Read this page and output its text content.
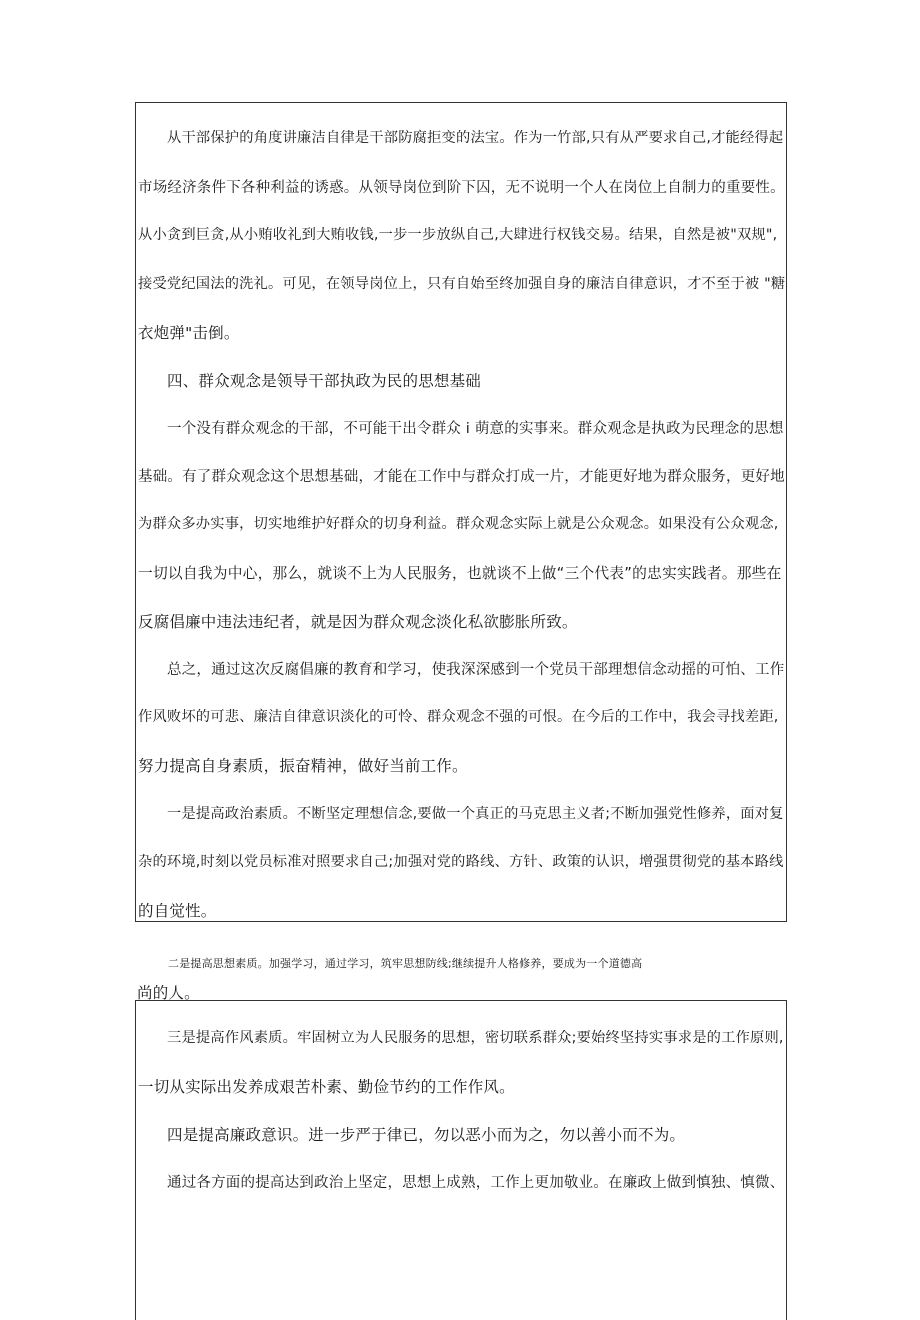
从干部保护的角度讲廉洁自律是干部防腐拒变的法宝。作为一竹部,只有从严要求自己,才能经得起

市场经济条件下各种利益的诱惑。从领导岗位到阶下囚，无不说明一个人在岗位上自制力的重要性。

从小贪到巨贪,从小贿收礼到大贿收钱,一步一步放纵自己,大肆进行权钱交易。结果，自然是被"双规",

接受党纪国法的洗礼。可见，在领导岗位上，只有自始至终加强自身的廉洁自律意识，才不至于被 "糖

衣炮弹"击倒。

四、群众观念是领导干部执政为民的思想基础

一个没有群众观念的干部，不可能干出令群众 i 萌意的实事来。群众观念是执政为民理念的思想

基础。有了群众观念这个思想基础，才能在工作中与群众打成一片，才能更好地为群众服务，更好地

为群众多办实事，切实地维护好群众的切身利益。群众观念实际上就是公众观念。如果没有公众观念,

一切以自我为中心，那么，就谈不上为人民服务，也就谈不上做“三个代表”的忠实实践者。那些在

反腐倡廉中违法违纪者，就是因为群众观念淡化私欲膨胀所致。

总之，通过这次反腐倡廉的教育和学习，使我深深感到一个党员干部理想信念动摇的可怕、工作

作风败坏的可悲、廉洁自律意识淡化的可怜、群众观念不强的可恨。在今后的工作中，我会寻找差距,

努力提高自身素质，振奋精神，做好当前工作。

一是提高政治素质。不断坚定理想信念,要做一个真正的马克思主义者;不断加强党性修养，面对复

杂的环境,时刻以党员标准对照要求自己;加强对党的路线、方针、政策的认识，增强贯彻党的基本路线

的自觉性。

二是提高思想素质。加强学习，通过学习，筑牢思想防线;继续提升人格修养，要成为一个道德高

尚的人。

三是提高作风素质。牢固树立为人民服务的思想，密切联系群众;要始终坚持实事求是的工作原则,

一切从实际出发养成艰苦朴素、勤俭节约的工作作风。

四是提高廉政意识。进一步严于律已，勿以恶小而为之，勿以善小而不为。

通过各方面的提高达到政治上坚定，思想上成熟，工作上更加敬业。在廉政上做到慎独、慎微、
